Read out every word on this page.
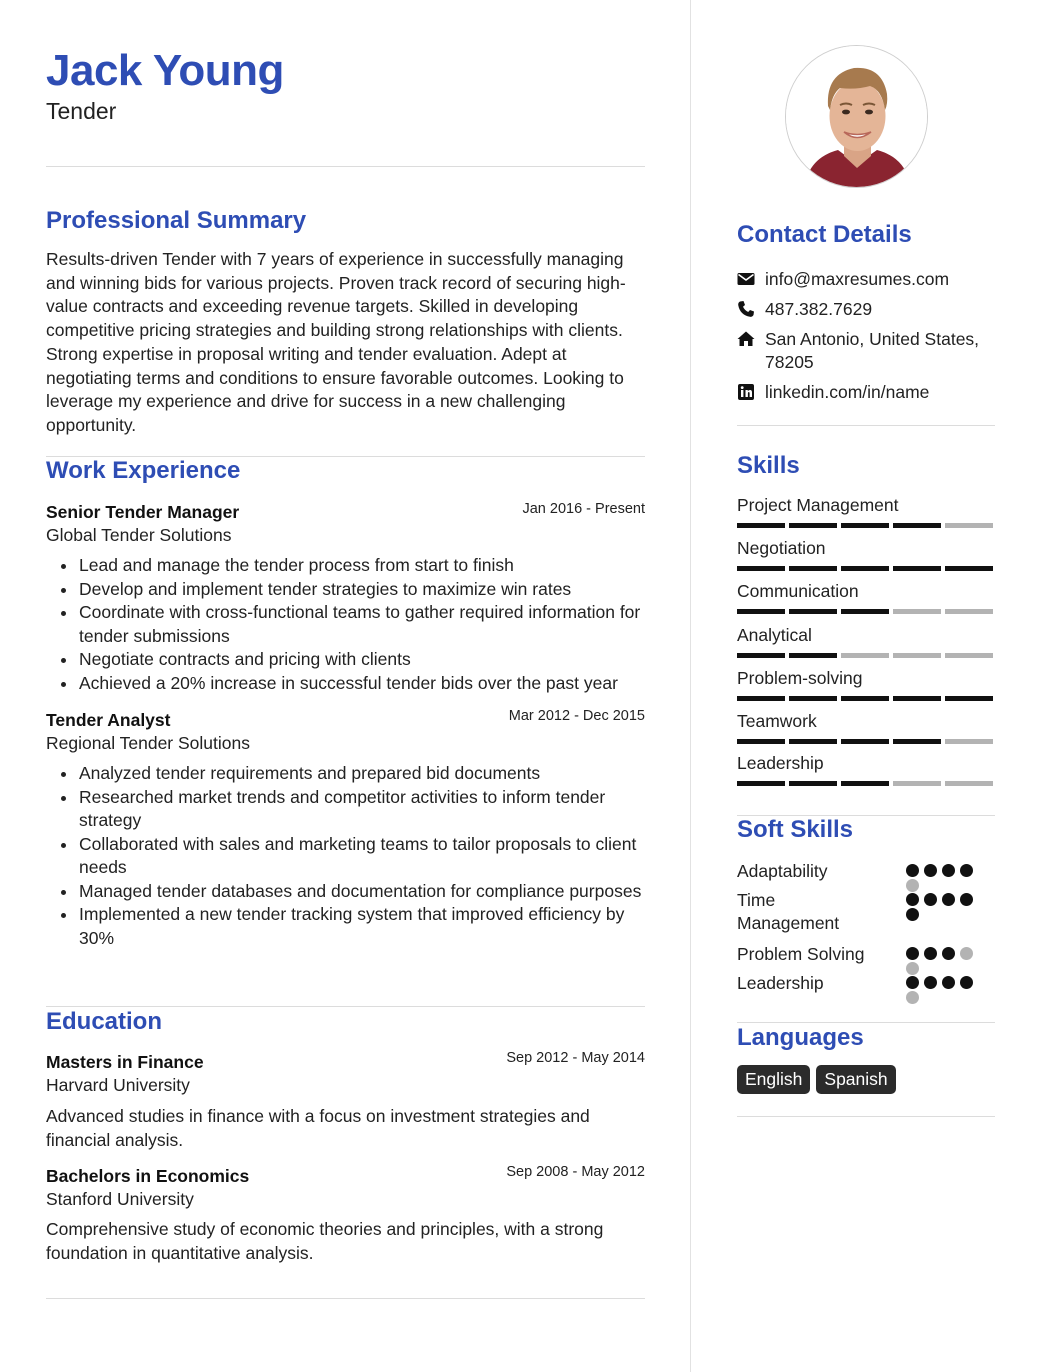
Jack Young
Tender
Professional Summary
Results-driven Tender with 7 years of experience in successfully managing and winning bids for various projects. Proven track record of securing high-value contracts and exceeding revenue targets. Skilled in developing competitive pricing strategies and building strong relationships with clients. Strong expertise in proposal writing and tender evaluation. Adept at negotiating terms and conditions to ensure favorable outcomes. Looking to leverage my experience and drive for success in a new challenging opportunity.
Work Experience
Senior Tender Manager	Jan 2016 - Present
Global Tender Solutions
Lead and manage the tender process from start to finish
Develop and implement tender strategies to maximize win rates
Coordinate with cross-functional teams to gather required information for tender submissions
Negotiate contracts and pricing with clients
Achieved a 20% increase in successful tender bids over the past year
Tender Analyst	Mar 2012 - Dec 2015
Regional Tender Solutions
Analyzed tender requirements and prepared bid documents
Researched market trends and competitor activities to inform tender strategy
Collaborated with sales and marketing teams to tailor proposals to client needs
Managed tender databases and documentation for compliance purposes
Implemented a new tender tracking system that improved efficiency by 30%
Education
Masters in Finance	Sep 2012 - May 2014
Harvard University
Advanced studies in finance with a focus on investment strategies and financial analysis.
Bachelors in Economics	Sep 2008 - May 2012
Stanford University
Comprehensive study of economic theories and principles, with a strong foundation in quantitative analysis.
Contact Details
info@maxresumes.com
487.382.7629
San Antonio, United States, 78205
linkedin.com/in/name
Skills
Project Management
Negotiation
Communication
Analytical
Problem-solving
Teamwork
Leadership
Soft Skills
Adaptability
Time Management
Problem Solving
Leadership
Languages
English	Spanish
